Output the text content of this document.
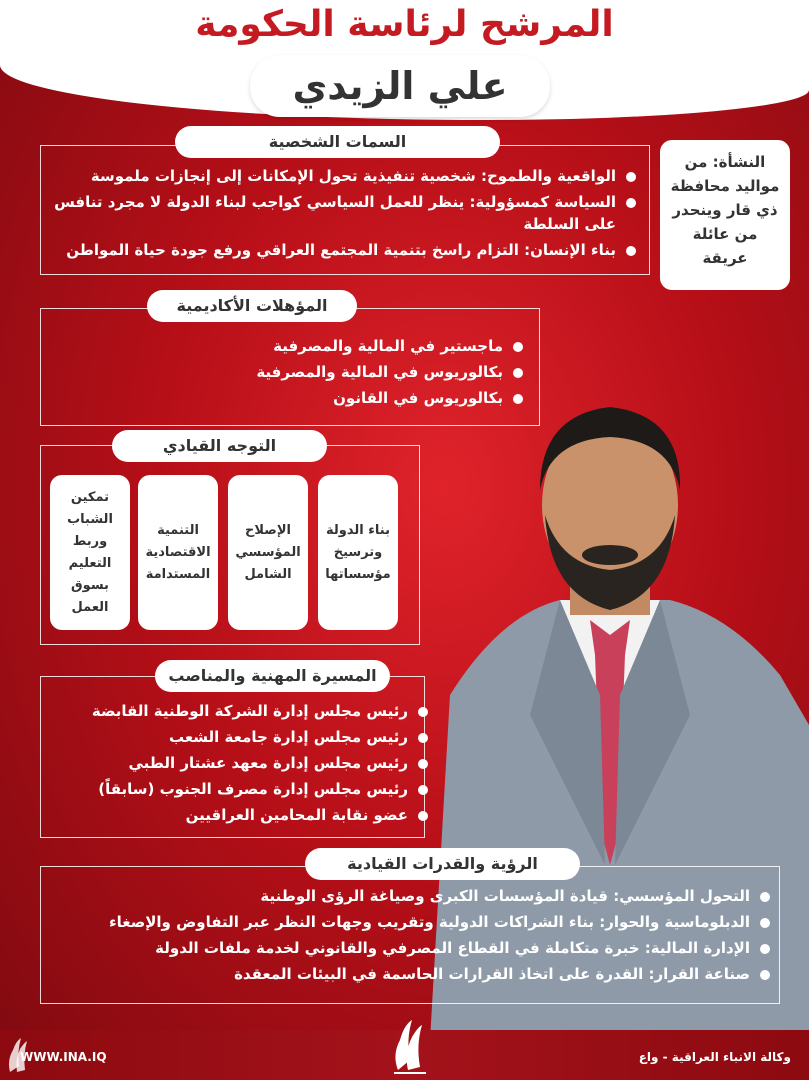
المرشح لرئاسة الحكومة
علي الزيدي
السمات الشخصية
الواقعية والطموح: شخصية تنفيذية تحول الإمكانات إلى إنجازات ملموسة
السياسة كمسؤولية: ينظر للعمل السياسي كواجب لبناء الدولة لا مجرد تنافس على السلطة
بناء الإنسان: التزام راسخ بتنمية المجتمع العراقي ورفع جودة حياة المواطن
النشأة: من مواليد محافظة ذي قار وينحدر من عائلة عريقة
المؤهلات الأكاديمية
ماجستير في المالية والمصرفية
بكالوريوس في المالية والمصرفية
بكالوريوس في القانون
التوجه القيادي
بناء الدولة وترسيخ مؤسساتها
الإصلاح المؤسسي الشامل
التنمية الاقتصادية المستدامة
تمكين الشباب وربط التعليم بسوق العمل
المسيرة المهنية والمناصب
رئيس مجلس إدارة الشركة الوطنية القابضة
رئيس مجلس إدارة جامعة الشعب
رئيس مجلس إدارة معهد عشتار الطبي
رئيس مجلس إدارة مصرف الجنوب (سابقاً)
عضو نقابة المحامين العراقيين
الرؤية والقدرات القيادية
التحول المؤسسي: قيادة المؤسسات الكبرى وصياغة الرؤى الوطنية
الدبلوماسية والحوار: بناء الشراكات الدولية وتقريب وجهات النظر عبر التفاوض والإصغاء
الإدارة المالية: خبرة متكاملة في القطاع المصرفي والقانوني لخدمة ملفات الدولة
صناعة القرار: القدرة على اتخاذ القرارات الحاسمة في البيئات المعقدة
WWW.INA.IQ	وكالة الانباء العراقية - واع
